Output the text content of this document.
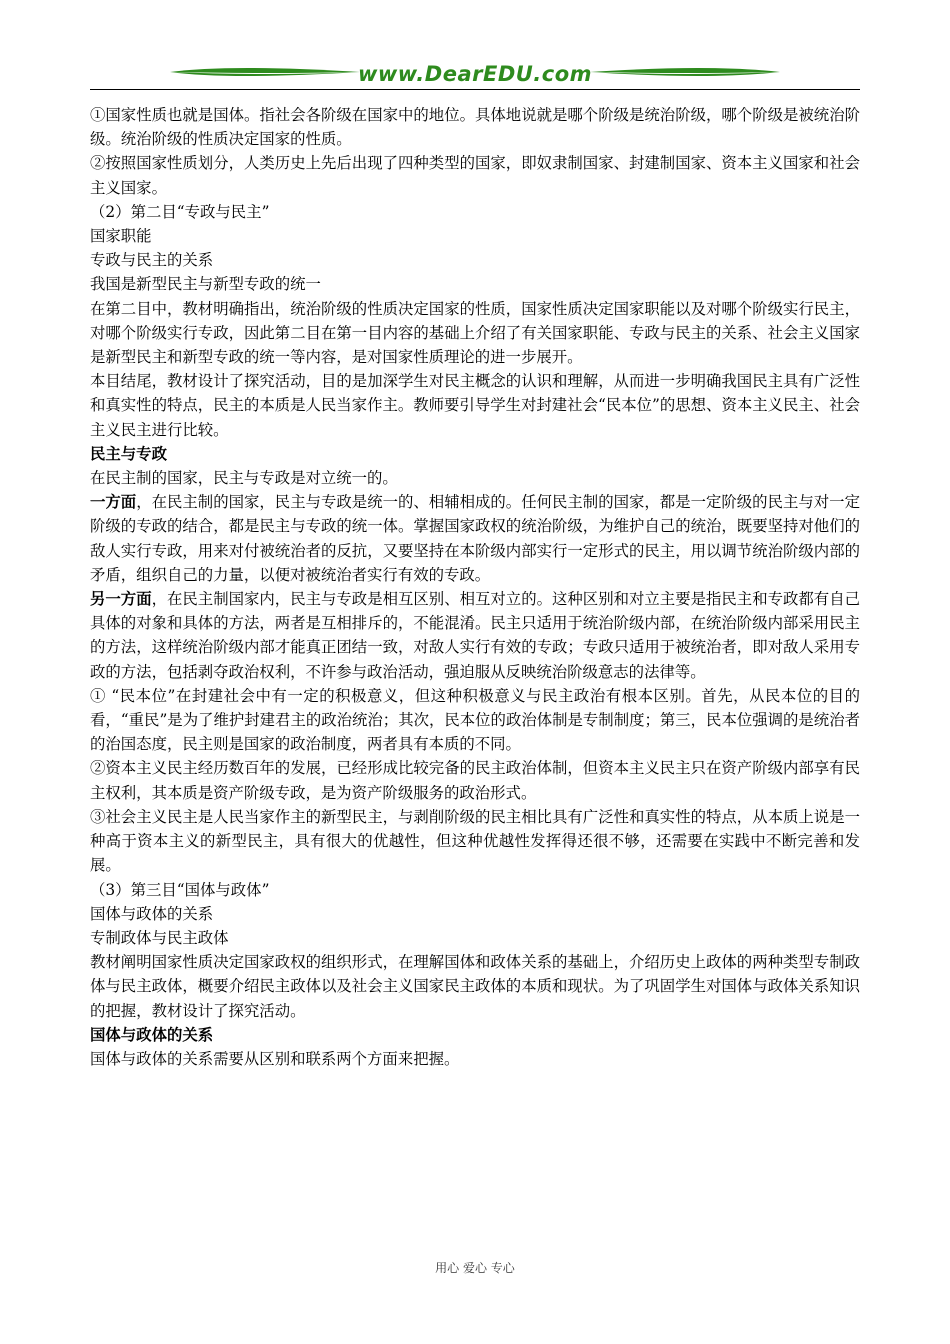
www.DearEDU.com

①国家性质也就是国体。指社会各阶级在国家中的地位。具体地说就是哪个阶级是统治阶级，哪个阶级是被统治阶级。统治阶级的性质决定国家的性质。

②按照国家性质划分，人类历史上先后出现了四种类型的国家，即奴隶制国家、封建制国家、资本主义国家和社会主义国家。

（2）第二目“专政与民主”

国家职能

专政与民主的关系

我国是新型民主与新型专政的统一

在第二目中，教材明确指出，统治阶级的性质决定国家的性质，国家性质决定国家职能以及对哪个阶级实行民主，对哪个阶级实行专政，因此第二目在第一目内容的基础上介绍了有关国家职能、专政与民主的关系、社会主义国家是新型民主和新型专政的统一等内容，是对国家性质理论的进一步展开。

本目结尾，教材设计了探究活动，目的是加深学生对民主概念的认识和理解，从而进一步明确我国民主具有广泛性和真实性的特点，民主的本质是人民当家作主。教师要引导学生对封建社会“民本位”的思想、资本主义民主、社会主义民主进行比较。

民主与专政

在民主制的国家，民主与专政是对立统一的。

一方面，在民主制的国家，民主与专政是统一的、相辅相成的。任何民主制的国家，都是一定阶级的民主与对一定阶级的专政的结合，都是民主与专政的统一体。掌握国家政权的统治阶级，为维护自己的统治，既要坚持对他们的敌人实行专政，用来对付被统治者的反抗，又要坚持在本阶级内部实行一定形式的民主，用以调节统治阶级内部的矛盾，组织自己的力量，以便对被统治者实行有效的专政。

另一方面，在民主制国家内，民主与专政是相互区别、相互对立的。这种区别和对立主要是指民主和专政都有自己具体的对象和具体的方法，两者是互相排斥的，不能混淆。民主只适用于统治阶级内部，在统治阶级内部采用民主的方法，这样统治阶级内部才能真正团结一致，对敌人实行有效的专政；专政只适用于被统治者，即对敌人采用专政的方法，包括剥夺政治权利，不许参与政治活动，强迫服从反映统治阶级意志的法律等。

① “民本位”在封建社会中有一定的积极意义，但这种积极意义与民主政治有根本区别。首先，从民本位的目的看，“重民”是为了维护封建君主的政治统治；其次，民本位的政治体制是专制制度；第三，民本位强调的是统治者的治国态度，民主则是国家的政治制度，两者具有本质的不同。

②资本主义民主经历数百年的发展，已经形成比较完备的民主政治体制，但资本主义民主只在资产阶级内部享有民主权利，其本质是资产阶级专政，是为资产阶级服务的政治形式。

③社会主义民主是人民当家作主的新型民主，与剥削阶级的民主相比具有广泛性和真实性的特点，从本质上说是一种高于资本主义的新型民主，具有很大的优越性，但这种优越性发挥得还很不够，还需要在实践中不断完善和发展。

（3）第三目“国体与政体”

国体与政体的关系

专制政体与民主政体

教材阐明国家性质决定国家政权的组织形式，在理解国体和政体关系的基础上，介绍历史上政体的两种类型专制政体与民主政体，概要介绍民主政体以及社会主义国家民主政体的本质和现状。为了巩固学生对国体与政体关系知识的把握，教材设计了探究活动。

国体与政体的关系

国体与政体的关系需要从区别和联系两个方面来把握。

用心 爱心 专心
